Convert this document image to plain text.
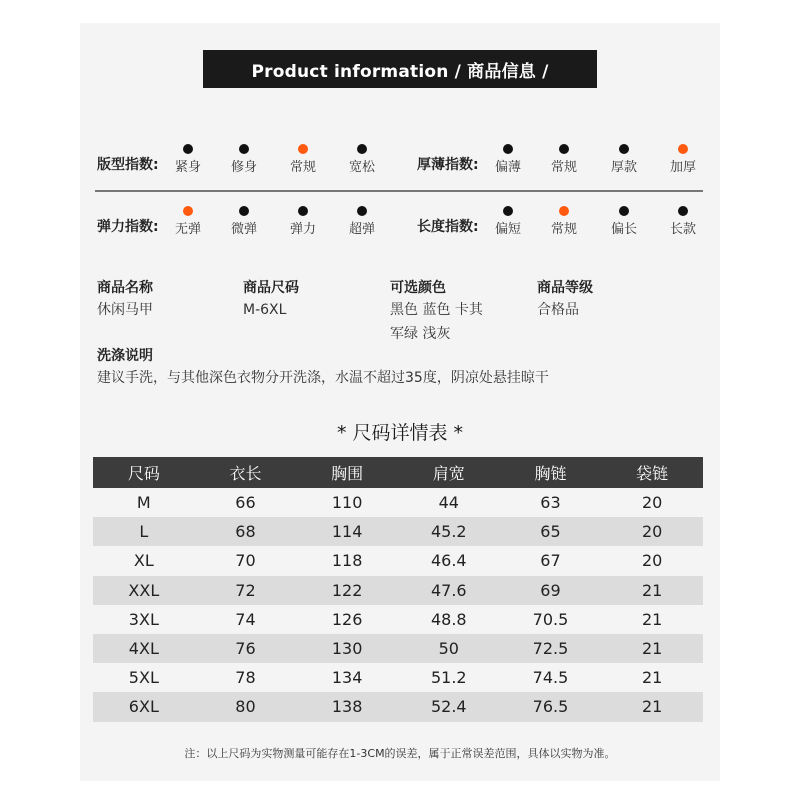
Product information / 商品信息 /
版型指数:	紧身	修身	常规	宽松	厚薄指数:	偏薄	常规	厚款	加厚
弹力指数:	无弹	微弹	弹力	超弹	长度指数:	偏短	常规	偏长	长款
商品名称
休闲马甲
商品尺码
M-6XL
可选颜色
黑色 蓝色 卡其
军绿 浅灰
商品等级
合格品
洗涤说明
建议手洗，与其他深色衣物分开洗涤，水温不超过35度，阴凉处悬挂晾干
* 尺码详情表 *
尺码	衣长	胸围	肩宽	胸链	袋链
M	66	110	44	63	20
L	68	114	45.2	65	20
XL	70	118	46.4	67	20
XXL	72	122	47.6	69	21
3XL	74	126	48.8	70.5	21
4XL	76	130	50	72.5	21
5XL	78	134	51.2	74.5	21
6XL	80	138	52.4	76.5	21
注：以上尺码为实物测量可能存在1-3CM的误差，属于正常误差范围，具体以实物为准。
